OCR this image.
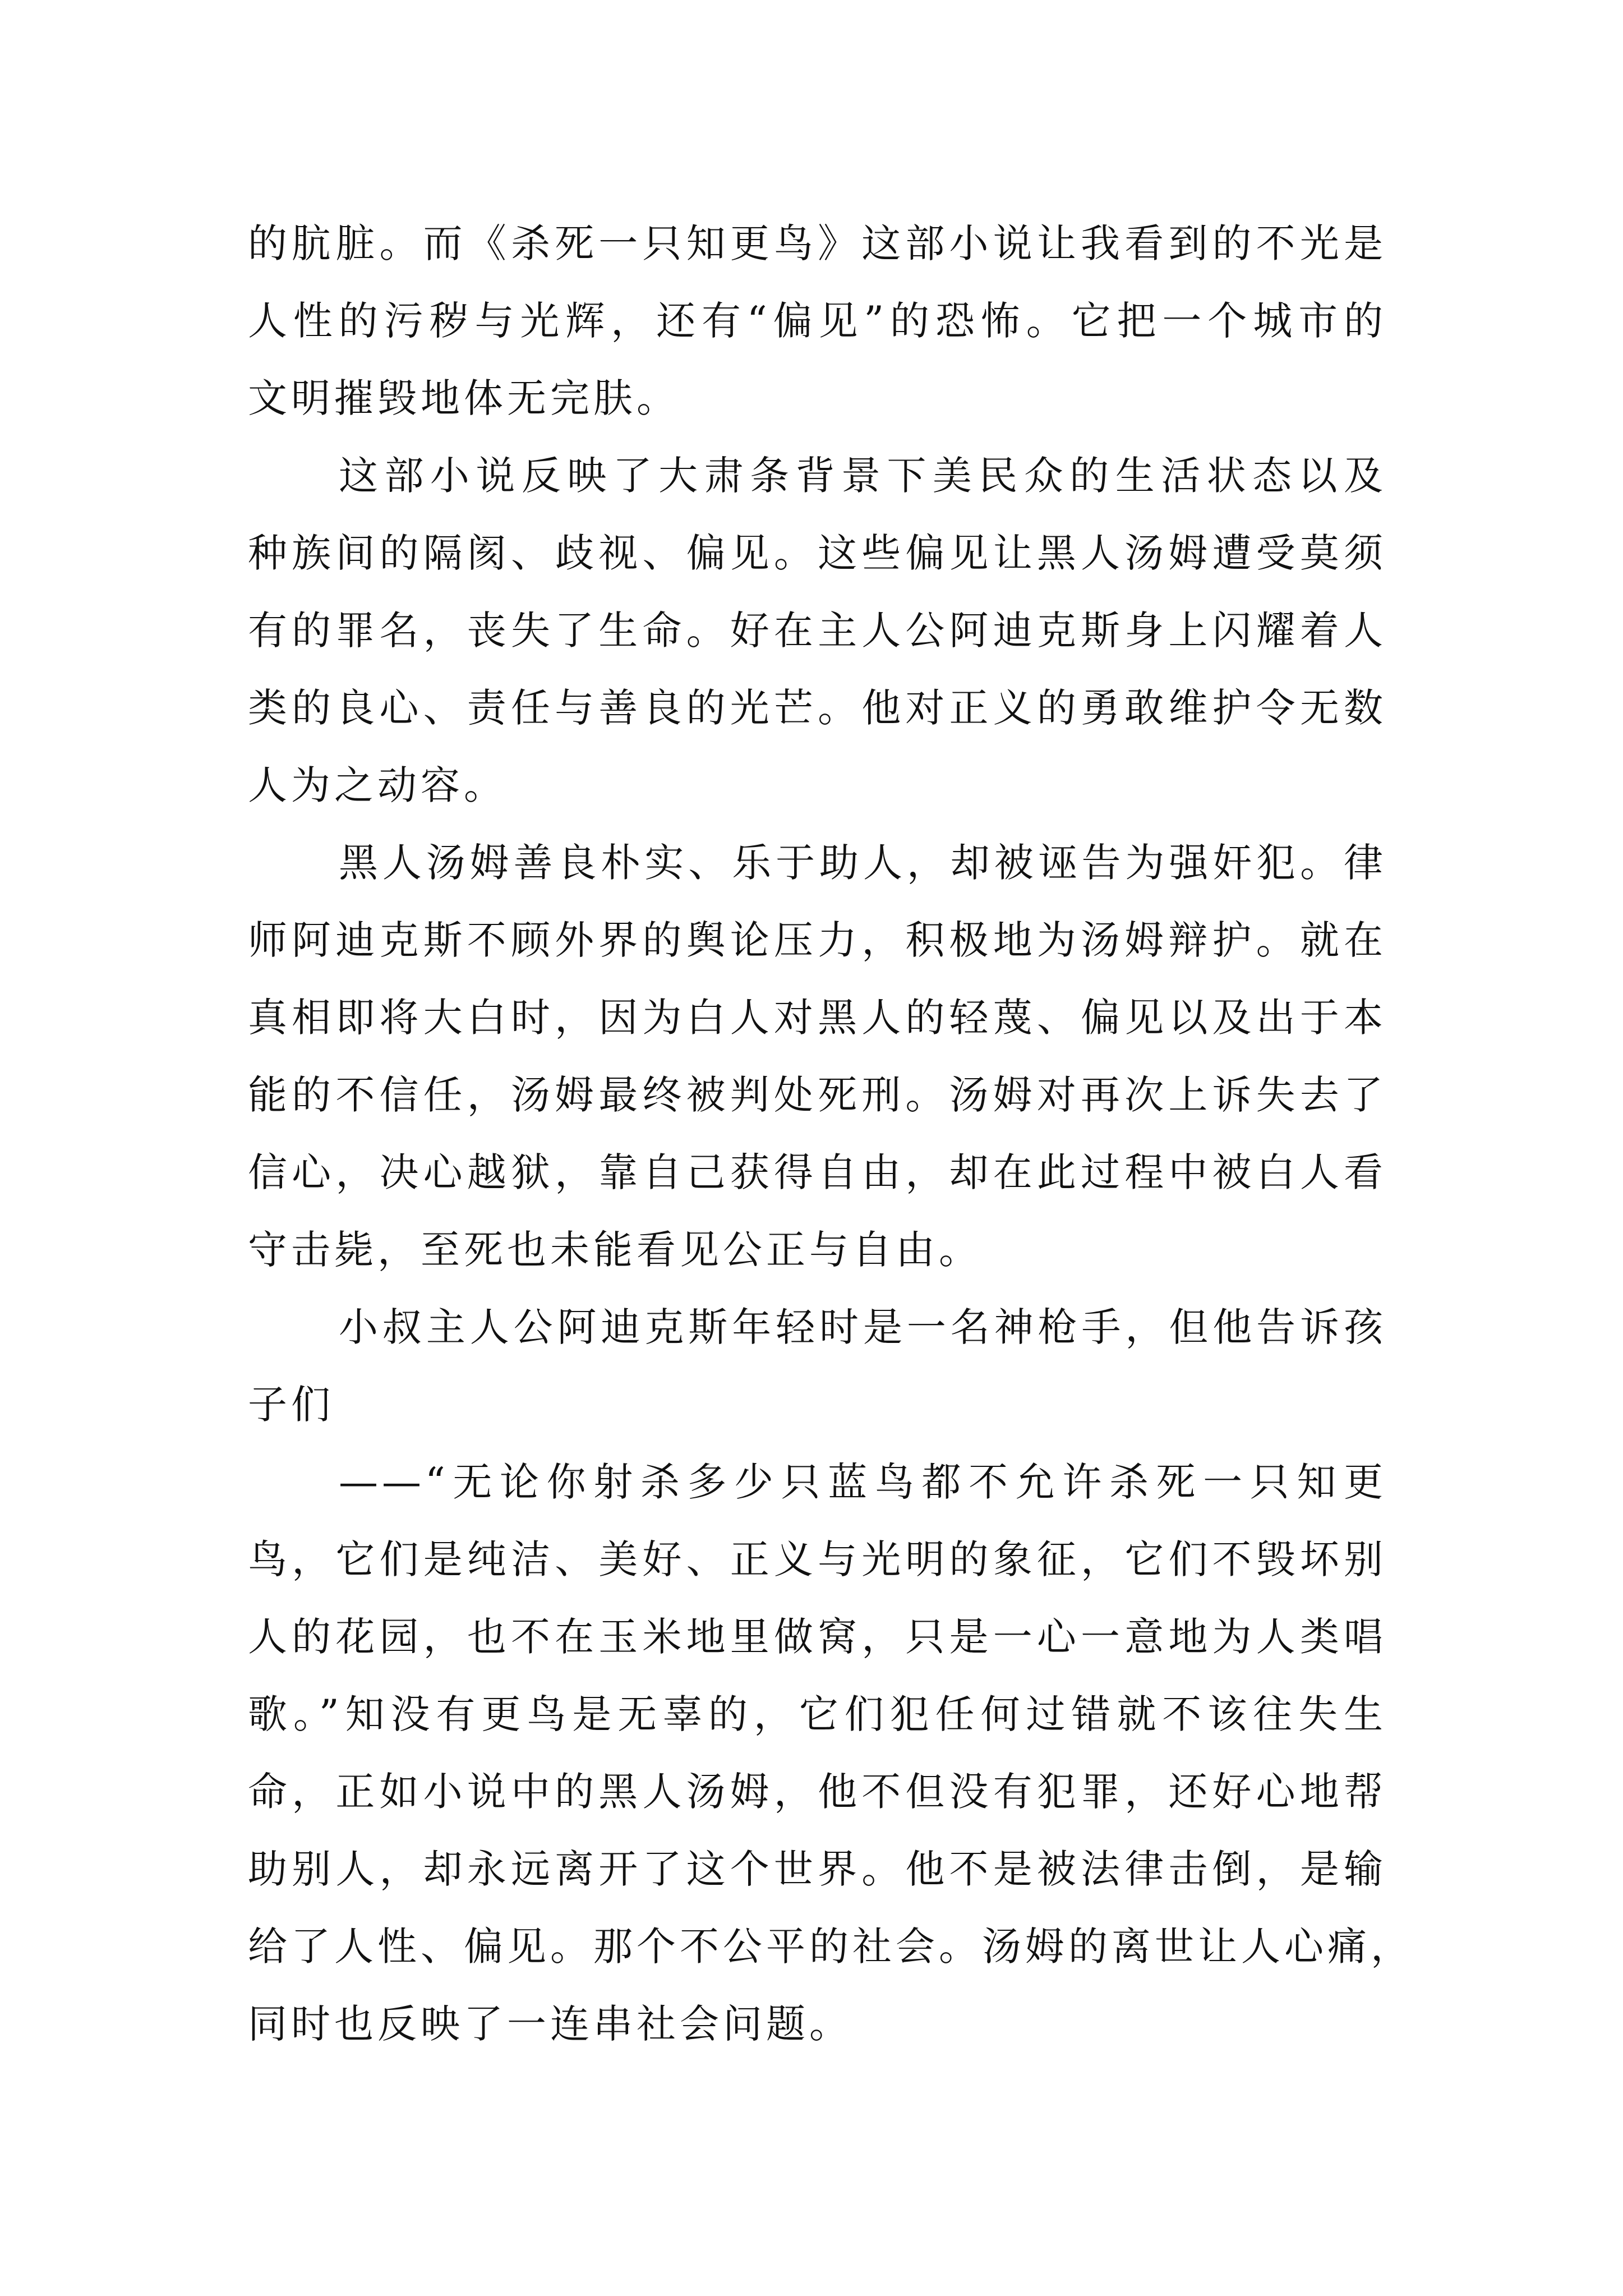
的肮脏。而《杀死一只知更鸟》这部小说让我看到的不光是
人性的污秽与光辉，还有“偏见”的恐怖。它把一个城市的
文明摧毁地体无完肤。
这部小说反映了大肃条背景下美民众的生活状态以及
种族间的隔阂、歧视、偏见。这些偏见让黑人汤姆遭受莫须
有的罪名，丧失了生命。好在主人公阿迪克斯身上闪耀着人
类的良心、责任与善良的光芒。他对正义的勇敢维护令无数
人为之动容。
黑人汤姆善良朴实、乐于助人，却被诬告为强奸犯。律
师阿迪克斯不顾外界的舆论压力，积极地为汤姆辩护。就在
真相即将大白时，因为白人对黑人的轻蔑、偏见以及出于本
能的不信任，汤姆最终被判处死刑。汤姆对再次上诉失去了
信心，决心越狱，靠自己获得自由，却在此过程中被白人看
守击毙，至死也未能看见公正与自由。
小叔主人公阿迪克斯年轻时是一名神枪手，但他告诉孩
子们
——“无论你射杀多少只蓝鸟都不允许杀死一只知更
鸟，它们是纯洁、美好、正义与光明的象征，它们不毁坏别
人的花园，也不在玉米地里做窝，只是一心一意地为人类唱
歌。”知没有更鸟是无辜的，它们犯任何过错就不该往失生
命，正如小说中的黑人汤姆，他不但没有犯罪，还好心地帮
助别人，却永远离开了这个世界。他不是被法律击倒，是输
给了人性、偏见。那个不公平的社会。汤姆的离世让人心痛，
同时也反映了一连串社会问题。
